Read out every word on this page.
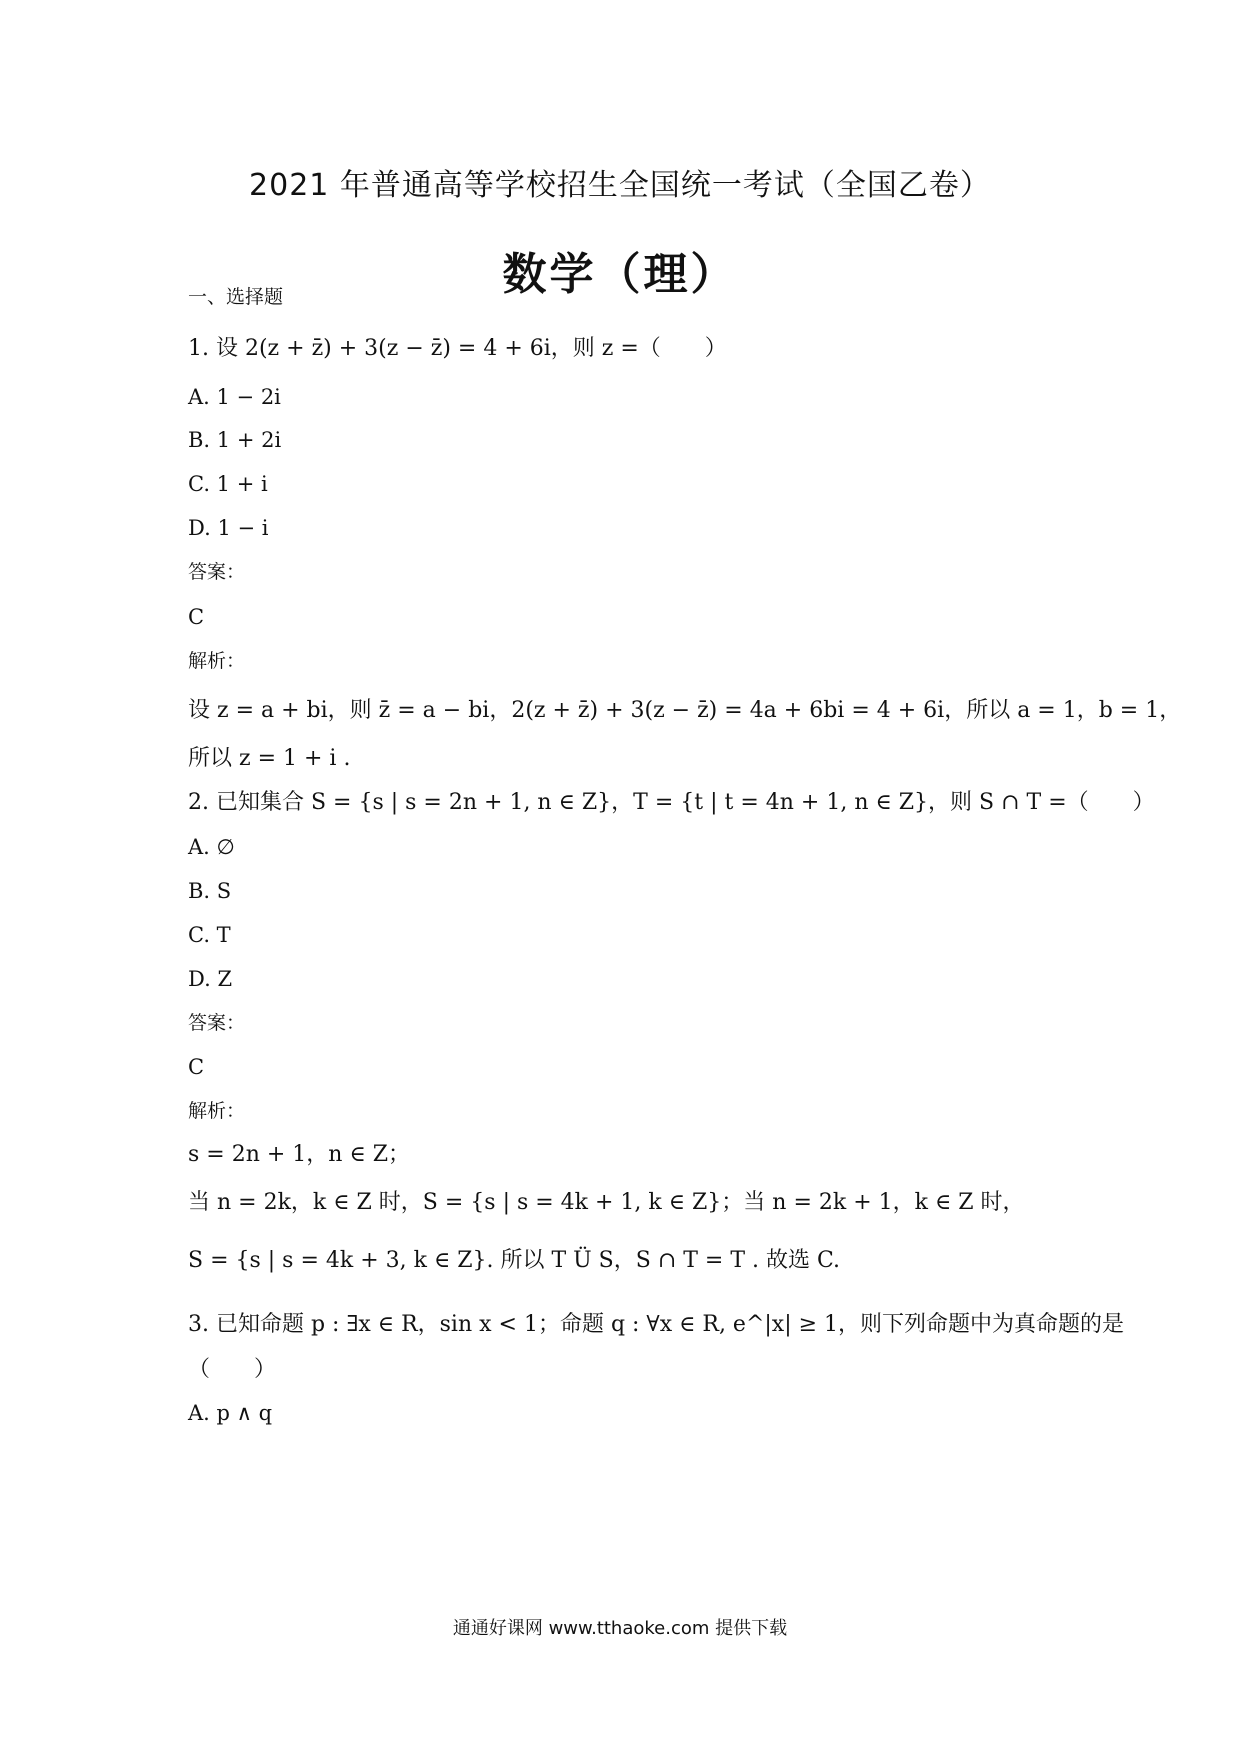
2021 年普通高等学校招生全国统一考试（全国乙卷）
数学（理）
一、选择题
1. 设 2(z + z̄) + 3(z − z̄) = 4 + 6i，则 z =（　　）
A. 1 − 2i
B. 1 + 2i
C. 1 + i
D. 1 − i
答案：
C
解析：
设 z = a + bi，则 z̄ = a − bi，2(z + z̄) + 3(z − z̄) = 4a + 6bi = 4 + 6i，所以 a = 1，b = 1，
所以 z = 1 + i .
2. 已知集合 S = {s | s = 2n + 1, n ∈ Z}，T = {t | t = 4n + 1, n ∈ Z}，则 S ∩ T =（　　）
A. ∅
B. S
C. T
D. Z
答案：
C
解析：
s = 2n + 1，n ∈ Z；
当 n = 2k，k ∈ Z 时，S = {s | s = 4k + 1, k ∈ Z}；当 n = 2k + 1，k ∈ Z 时，
S = {s | s = 4k + 3, k ∈ Z}. 所以 T Ü S，S ∩ T = T . 故选 C.
3. 已知命题 p : ∃x ∈ R，sin x < 1；命题 q : ∀x ∈ R, e^|x| ≥ 1，则下列命题中为真命题的是
（　　）
A. p ∧ q
通通好课网 www.tthaoke.com 提供下载
